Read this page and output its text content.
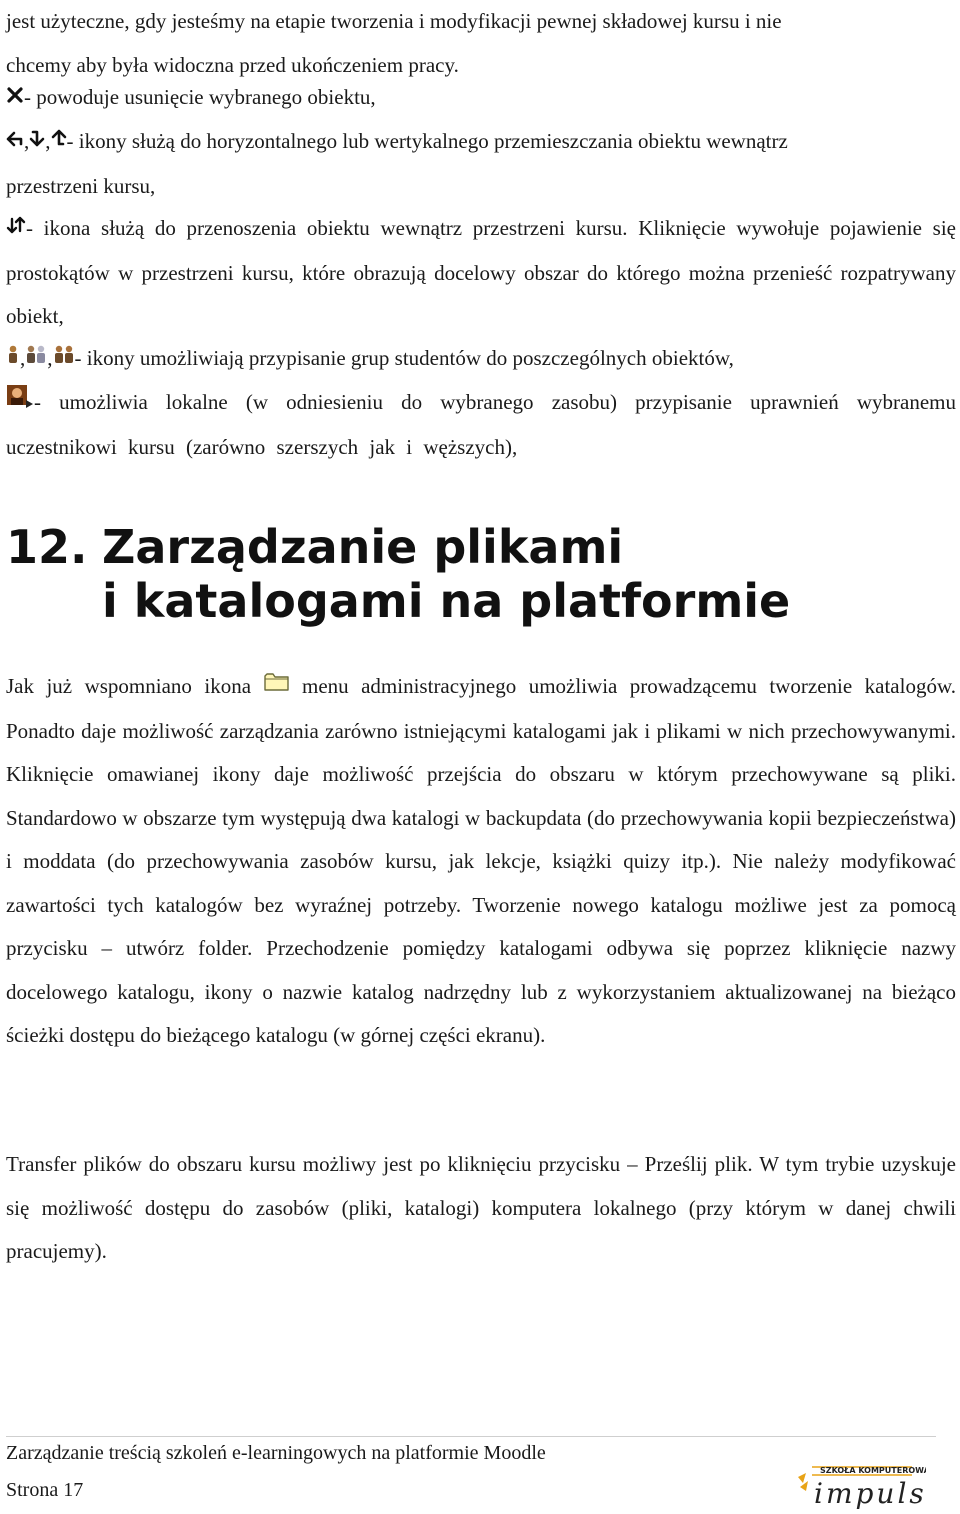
jest użyteczne, gdy jesteśmy na etapie tworzenia i modyfikacji pewnej składowej kursu i nie
chcemy aby była widoczna przed ukończeniem pracy.

- powoduje usunięcie wybranego obiektu,

, , - ikony służą do horyzontalnego lub wertykalnego przemieszczania obiektu wewnątrz
przestrzeni kursu,

- ikona służą do przenoszenia obiektu wewnątrz przestrzeni kursu. Kliknięcie wywołuje pojawienie się prostokątów w przestrzeni kursu, które obrazują docelowy obszar do którego można przenieść rozpatrywany obiekt,

, , - ikony umożliwiają przypisanie grup studentów do poszczególnych obiektów,

- umożliwia lokalne (w odniesieniu do wybranego zasobu) przypisanie uprawnień wybranemu uczestnikowi kursu (zarówno szerszych jak i węższych),

12. Zarządzanie plikami
i katalogami na platformie

Jak już wspomniano ikona menu administracyjnego umożliwia prowadzącemu tworzenie katalogów. Ponadto daje możliwość zarządzania zarówno istniejącymi katalogami jak i plikami w nich przechowywanymi. Kliknięcie omawianej ikony daje możliwość przejścia do obszaru w którym przechowywane są pliki. Standardowo w obszarze tym występują dwa katalogi w backupdata (do przechowywania kopii bezpieczeństwa) i moddata (do przechowywania zasobów kursu, jak lekcje, książki quizy itp.). Nie należy modyfikować zawartości tych katalogów bez wyraźnej potrzeby. Tworzenie nowego katalogu możliwe jest za pomocą przycisku – utwórz folder. Przechodzenie pomiędzy katalogami odbywa się poprzez kliknięcie nazwy docelowego katalogu, ikony o nazwie katalog nadrzędny lub z wykorzystaniem aktualizowanej na bieżąco ścieżki dostępu do bieżącego katalogu (w górnej części ekranu).

Transfer plików do obszaru kursu możliwy jest po kliknięciu przycisku – Prześlij plik. W tym trybie uzyskuje się możliwość dostępu do zasobów (pliki, katalogi) komputera lokalnego (przy którym w danej chwili pracujemy).

Zarządzanie treścią szkoleń e-learningowych na platformie Moodle
Strona 17
SZKOŁA KOMPUTEROWA
impuls
